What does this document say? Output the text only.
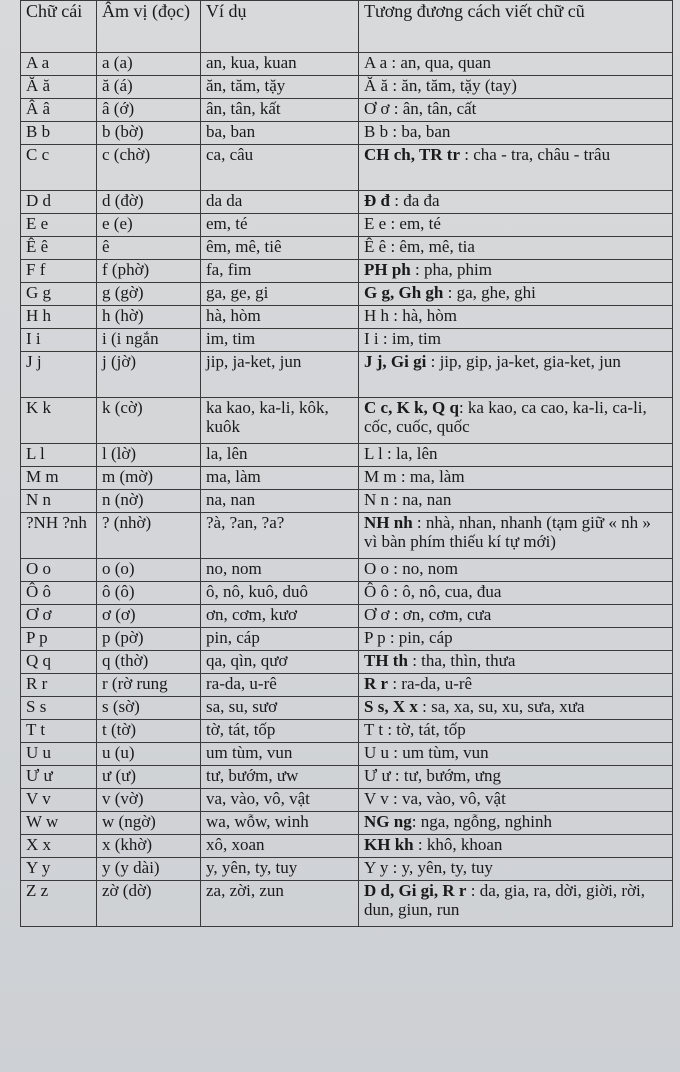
Chữ cái	Âm vị (đọc)	Ví dụ	Tương đương cách viết chữ cũ
A a	a (a)	an, kua, kuan	A a : an, qua, quan
Ă ă	ă (á)	ăn, tăm, tặy	Ă ă : ăn, tăm, tặy (tay)
Â â	â (ớ)	ân, tân, kất	Ơ ơ : ân, tân, cất
B b	b (bờ)	ba, ban	B b : ba, ban
C c	c (chờ)	ca, câu	CH ch, TR tr : cha - tra, châu - trâu
D d	d (đờ)	da da	Đ đ : đa đa
E e	e (e)	em, té	E e : em, té
Ê ê	ê	êm, mê, tiê	Ê ê : êm, mê, tia
F f	f (phờ)	fa, fim	PH ph : pha, phim
G g	g (gờ)	ga, ge, gi	G g, Gh gh : ga, ghe, ghi
H h	h (hờ)	hà, hòm	H h : hà, hòm
I i	i (i ngắn	im, tim	I i : im, tim
J j	j (jờ)	jip, ja-ket, jun	J j, Gi gi : jip, gip, ja-ket, gia-ket, jun
K k	k (cờ)	ka kao, ka-li, kôk, kuôk	C c, K k, Q q: ka kao, ca cao, ka-li, ca-li, cốc, cuốc, quốc
L l	l (lờ)	la, lên	L l : la, lên
M m	m (mờ)	ma, làm	M m : ma, làm
N n	n (nờ)	na, nan	N n : na, nan
?NH ?nh	? (nhờ)	?à, ?an, ?a?	NH nh : nhà, nhan, nhanh (tạm giữ « nh » vì bàn phím thiếu kí tự mới)
O o	o (o)	no, nom	O o : no, nom
Ô ô	ô (ô)	ô, nô, kuô, duô	Ô ô : ô, nô, cua, đua
Ơ ơ	ơ (ơ)	ơn, cơm, kươ	Ơ ơ : ơn, cơm, cưa
P p	p (pờ)	pin, cáp	P p : pin, cáp
Q q	q (thờ)	qa, qìn, qươ	TH th : tha, thìn, thưa
R r	r (rờ rung	ra-da, u-rê	R r : ra-da, u-rê
S s	s (sờ)	sa, su, sươ	S s, X x : sa, xa, su, xu, sưa, xưa
T t	t (tờ)	tờ, tát, tốp	T t : tờ, tát, tốp
U u	u (u)	um tùm, vun	U u : um tùm, vun
Ư ư	ư (ư)	tư, bướm, ưw	Ư ư : tư, bướm, ưng
V v	v (vờ)	va, vào, vô, vật	V v : va, vào, vô, vật
W w	w (ngờ)	wa, wỗw, winh	NG ng: nga, ngỗng, nghinh
X x	x (khờ)	xô, xoan	KH kh : khô, khoan
Y y	y (y dài)	y, yên, ty, tuy	Y y : y, yên, ty, tuy
Z z	zờ (dờ)	za, zời, zun	D d, Gi gi, R r : da, gia, ra, dời, giời, rời, dun, giun, run
